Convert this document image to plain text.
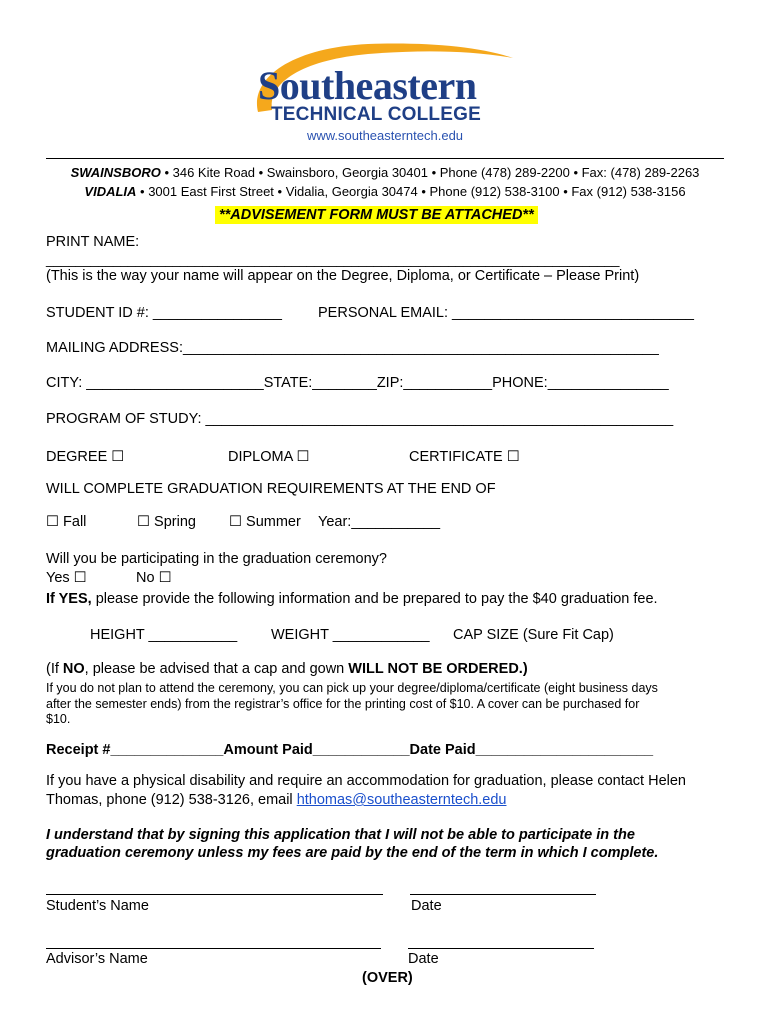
Southeastern
TECHNICAL COLLEGE
www.southeasterntech.edu
SWAINSBORO • 346 Kite Road • Swainsboro, Georgia 30401 • Phone (478) 289-2200 • Fax: (478) 289-2263
VIDALIA • 3001 East First Street • Vidalia, Georgia 30474 • Phone (912) 538-3100 • Fax (912) 538-3156
**ADVISEMENT FORM MUST BE ATTACHED**
PRINT NAME:
_____________________________________________________________________________
(This is the way your name will appear on the Degree, Diploma, or Certificate – Please Print)
STUDENT ID #: ________________ PERSONAL EMAIL: ______________________________
MAILING ADDRESS:___________________________________________________________
CITY: ______________________STATE:________ZIP:___________PHONE:_______________
PROGRAM OF STUDY: __________________________________________________________
DEGREE ☐	DIPLOMA ☐	CERTIFICATE ☐
WILL COMPLETE GRADUATION REQUIREMENTS AT THE END OF
☐ Fall	☐ Spring ☐ Summer Year:___________
Will you be participating in the graduation ceremony?
Yes ☐	No ☐
If YES, please provide the following information and be prepared to pay the $40 graduation fee.
HEIGHT ___________ WEIGHT ____________ CAP SIZE (Sure Fit Cap)
(If NO, please be advised that a cap and gown WILL NOT BE ORDERED.)
If you do not plan to attend the ceremony, you can pick up your degree/diploma/certificate (eight business days
after the semester ends) from the registrar’s office for the printing cost of $10. A cover can be purchased for
$10.
Receipt #______________Amount Paid____________Date Paid______________________
If you have a physical disability and require an accommodation for graduation, please contact Helen
Thomas, phone (912) 538-3126, email hthomas@southeasterntech.edu
I understand that by signing this application that I will not be able to participate in the
graduation ceremony unless my fees are paid by the end of the term in which I complete.
Student’s Name	Date
Advisor’s Name	Date
(OVER)
